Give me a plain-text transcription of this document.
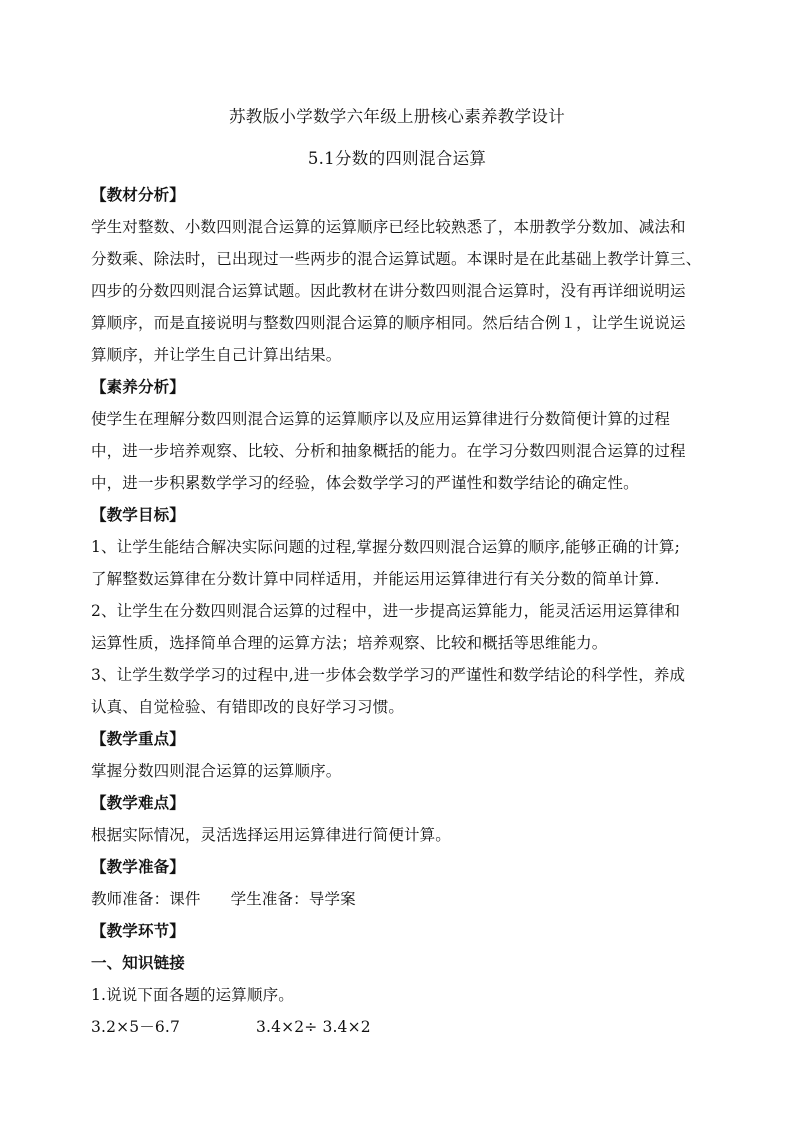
苏教版小学数学六年级上册核心素养教学设计
5.1分数的四则混合运算
【教材分析】
学生对整数、小数四则混合运算的运算顺序已经比较熟悉了，本册教学分数加、减法和
分数乘、除法时，已出现过一些两步的混合运算试题。本课时是在此基础上教学计算三、
四步的分数四则混合运算试题。因此教材在讲分数四则混合运算时，没有再详细说明运
算顺序，而是直接说明与整数四则混合运算的顺序相同。然后结合例１，让学生说说运
算顺序，并让学生自己计算出结果。
【素养分析】
使学生在理解分数四则混合运算的运算顺序以及应用运算律进行分数简便计算的过程
中，进一步培养观察、比较、分析和抽象概括的能力。在学习分数四则混合运算的过程
中，进一步积累数学学习的经验，体会数学学习的严谨性和数学结论的确定性。
【教学目标】
1、让学生能结合解决实际问题的过程,掌握分数四则混合运算的顺序,能够正确的计算;
了解整数运算律在分数计算中同样适用，并能运用运算律进行有关分数的简单计算.
2、让学生在分数四则混合运算的过程中，进一步提高运算能力，能灵活运用运算律和
运算性质，选择简单合理的运算方法；培养观察、比较和概括等思维能力。
3、让学生数学学习的过程中,进一步体会数学学习的严谨性和数学结论的科学性，养成
认真、自觉检验、有错即改的良好学习习惯。
【教学重点】
掌握分数四则混合运算的运算顺序。
【教学难点】
根据实际情况，灵活选择运用运算律进行简便计算。
【教学准备】
教师准备：课件 学生准备：导学案
【教学环节】
一、知识链接
1.说说下面各题的运算顺序。
3.2×5－6.7	3.4×2÷ 3.4×2
